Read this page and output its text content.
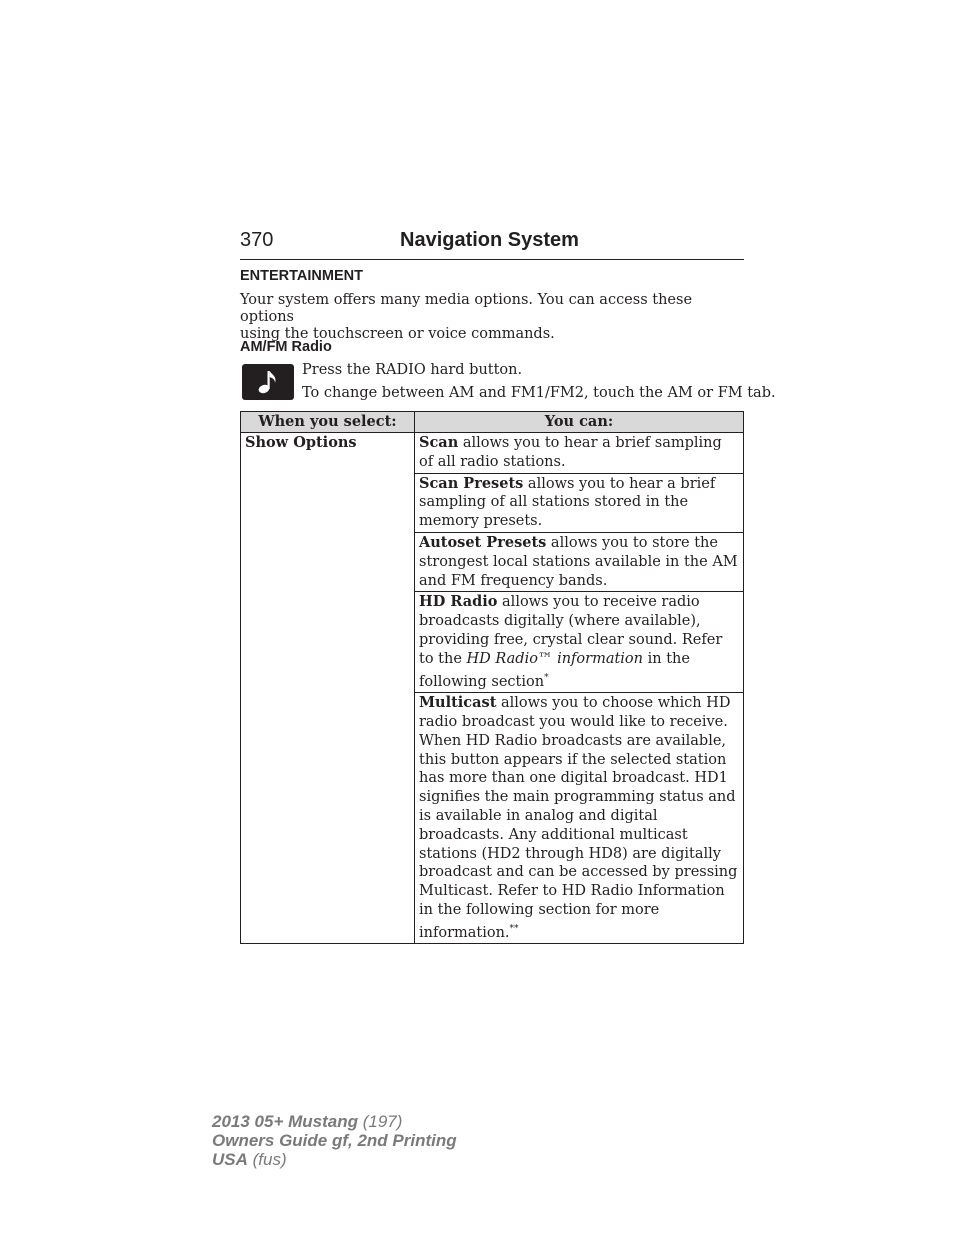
370	Navigation System
ENTERTAINMENT
Your system offers many media options. You can access these options
using the touchscreen or voice commands.
AM/FM Radio
Press the RADIO hard button.
To change between AM and FM1/FM2, touch the AM or FM tab.
When you select:	You can:
Show Options	Scan allows you to hear a brief sampling of all radio stations.
	Scan Presets allows you to hear a brief sampling of all stations stored in the memory presets.
	Autoset Presets allows you to store the strongest local stations available in the AM and FM frequency bands.
	HD Radio allows you to receive radio broadcasts digitally (where available), providing free, crystal clear sound. Refer to the HD Radio™ information in the following section*
	Multicast allows you to choose which HD radio broadcast you would like to receive. When HD Radio broadcasts are available, this button appears if the selected station has more than one digital broadcast. HD1 signifies the main programming status and is available in analog and digital broadcasts. Any additional multicast stations (HD2 through HD8) are digitally broadcast and can be accessed by pressing Multicast. Refer to HD Radio Information in the following section for more information.**
2013 05+ Mustang (197)
Owners Guide gf, 2nd Printing
USA (fus)
